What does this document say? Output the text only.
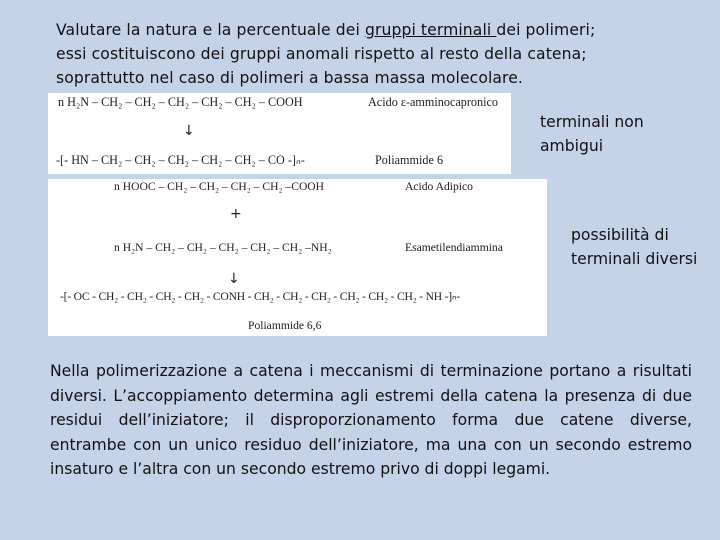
Valutare la natura e la percentuale dei gruppi terminali dei polimeri;
essi costituiscono dei gruppi anomali rispetto al resto della catena;
soprattutto nel caso di polimeri a bassa massa molecolare.
n H₂N – CH₂ – CH₂ – CH₂ – CH₂ – CH₂ – COOH	Acido ε-amminocapronico
↓
-[- HN – CH₂ – CH₂ – CH₂ – CH₂ – CH₂ – CO -]ₙ-	Poliammide 6
n HOOC – CH₂ – CH₂ – CH₂ – CH₂ –COOH	Acido Adipico
+
n H₂N – CH₂ – CH₂ – CH₂ – CH₂ – CH₂ –NH₂	Esametilendiammina
↓
-[- OC - CH₂ - CH₂ - CH₂ - CH₂ - CONH - CH₂ - CH₂ - CH₂ - CH₂ - CH₂ - CH₂ - NH -]ₙ-
Poliammide 6,6
terminali non ambigui
possibilità di terminali diversi
Nella polimerizzazione a catena i meccanismi di terminazione portano a risultati diversi. L’accoppiamento determina agli estremi della catena la presenza di due residui dell’iniziatore; il disproporzionamento forma due catene diverse, entrambe con un unico residuo dell’iniziatore, ma una con un secondo estremo insaturo e l’altra con un secondo estremo privo di doppi legami.
